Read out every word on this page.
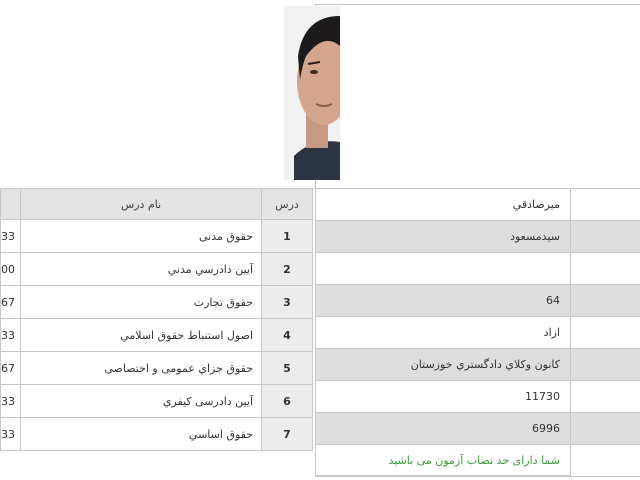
	نام درس	درس
33	حقوق مدنی	1
00	آيين دادرسي مدني	2
67	حقوق تجارت	3
33	اصول استنباط حقوق اسلامي	4
67	حقوق جزاي عمومی و اختصاصی	5
33	آيين دادرسی كيفري	6
33	حقوق اساسي	7
ميرصادقي	
سیدمسعود	

64	
ازاد	
كانون وكلاي دادگستري خوزستان	
11730	
6996	
شما دارای حد نصاب آزمون می باشید	
